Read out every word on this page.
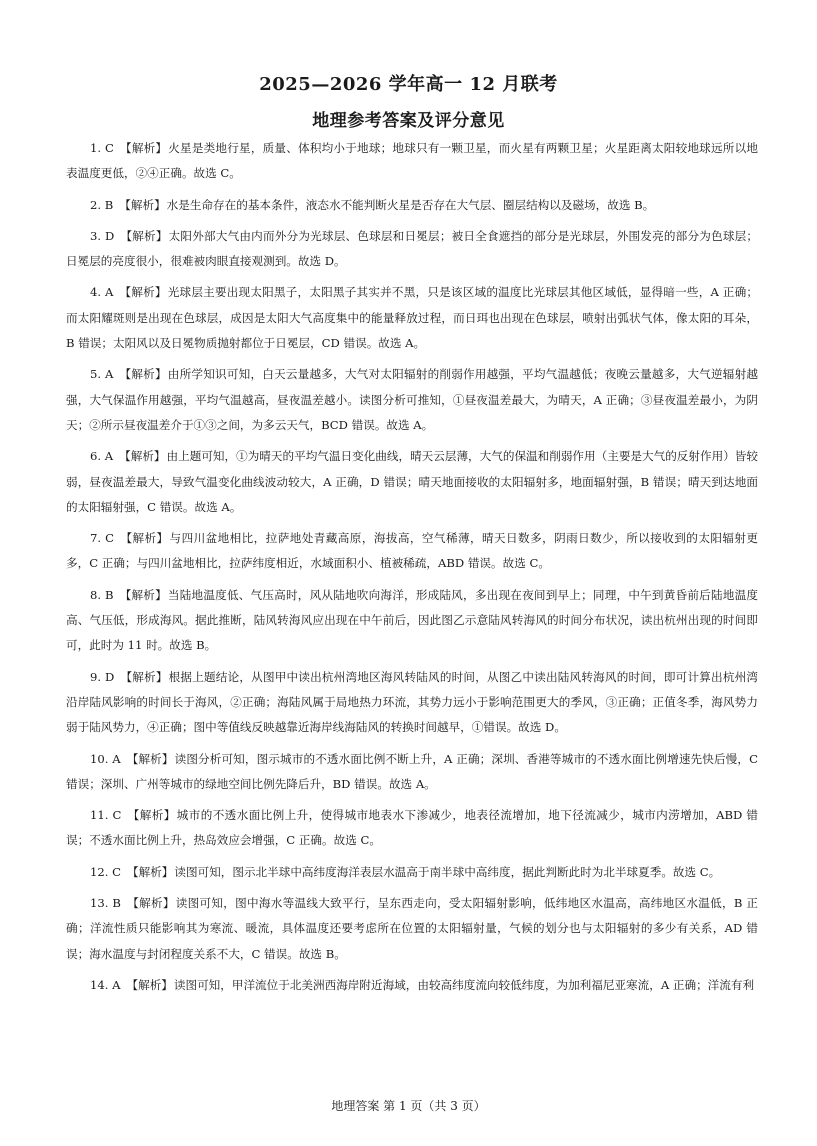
2025—2026 学年高一 12 月联考
地理参考答案及评分意见

1. C 【解析】火星是类地行星，质量、体积均小于地球；地球只有一颗卫星，而火星有两颗卫星；火星距离太阳较地球远所以地表温度更低，②④正确。故选 C。

2. B 【解析】水是生命存在的基本条件，液态水不能判断火星是否存在大气层、圈层结构以及磁场，故选 B。

3. D 【解析】太阳外部大气由内而外分为光球层、色球层和日冕层；被日全食遮挡的部分是光球层，外围发亮的部分为色球层；日冕层的亮度很小，很难被肉眼直接观测到。故选 D。

4. A 【解析】光球层主要出现太阳黑子，太阳黑子其实并不黑，只是该区域的温度比光球层其他区域低，显得暗一些，A 正确；而太阳耀斑则是出现在色球层，成因是太阳大气高度集中的能量释放过程，而日珥也出现在色球层，喷射出弧状气体，像太阳的耳朵，B 错误；太阳风以及日冕物质抛射都位于日冕层，CD 错误。故选 A。

5. A 【解析】由所学知识可知，白天云量越多，大气对太阳辐射的削弱作用越强，平均气温越低；夜晚云量越多，大气逆辐射越强，大气保温作用越强，平均气温越高，昼夜温差越小。读图分析可推知，①昼夜温差最大，为晴天，A 正确；③昼夜温差最小，为阴天；②所示昼夜温差介于①③之间，为多云天气，BCD 错误。故选 A。

6. A 【解析】由上题可知，①为晴天的平均气温日变化曲线，晴天云层薄，大气的保温和削弱作用（主要是大气的反射作用）皆较弱，昼夜温差最大，导致气温变化曲线波动较大，A 正确，D 错误；晴天地面接收的太阳辐射多，地面辐射强，B 错误；晴天到达地面的太阳辐射强，C 错误。故选 A。

7. C 【解析】与四川盆地相比，拉萨地处青藏高原，海拔高，空气稀薄，晴天日数多，阴雨日数少，所以接收到的太阳辐射更多，C 正确；与四川盆地相比，拉萨纬度相近，水域面积小、植被稀疏，ABD 错误。故选 C。

8. B 【解析】当陆地温度低、气压高时，风从陆地吹向海洋，形成陆风，多出现在夜间到早上；同理，中午到黄昏前后陆地温度高、气压低，形成海风。据此推断，陆风转海风应出现在中午前后，因此图乙示意陆风转海风的时间分布状况，读出杭州出现的时间即可，此时为 11 时。故选 B。

9. D 【解析】根据上题结论，从图甲中读出杭州湾地区海风转陆风的时间，从图乙中读出陆风转海风的时间，即可计算出杭州湾沿岸陆风影响的时间长于海风，②正确；海陆风属于局地热力环流，其势力远小于影响范围更大的季风，③正确；正值冬季，海风势力弱于陆风势力，④正确；图中等值线反映越靠近海岸线海陆风的转换时间越早，①错误。故选 D。

10. A 【解析】读图分析可知，图示城市的不透水面比例不断上升，A 正确；深圳、香港等城市的不透水面比例增速先快后慢，C 错误；深圳、广州等城市的绿地空间比例先降后升，BD 错误。故选 A。

11. C 【解析】城市的不透水面比例上升，使得城市地表水下渗减少，地表径流增加，地下径流减少，城市内涝增加，ABD 错误；不透水面比例上升，热岛效应会增强，C 正确。故选 C。

12. C 【解析】读图可知，图示北半球中高纬度海洋表层水温高于南半球中高纬度，据此判断此时为北半球夏季。故选 C。

13. B 【解析】读图可知，图中海水等温线大致平行，呈东西走向，受太阳辐射影响，低纬地区水温高，高纬地区水温低，B 正确；洋流性质只能影响其为寒流、暖流，具体温度还要考虑所在位置的太阳辐射量，气候的划分也与太阳辐射的多少有关系，AD 错误；海水温度与封闭程度关系不大，C 错误。故选 B。

14. A 【解析】读图可知，甲洋流位于北美洲西海岸附近海域，由较高纬度流向较低纬度，为加利福尼亚寒流，A 正确；洋流有利

地理答案 第 1 页（共 3 页）
